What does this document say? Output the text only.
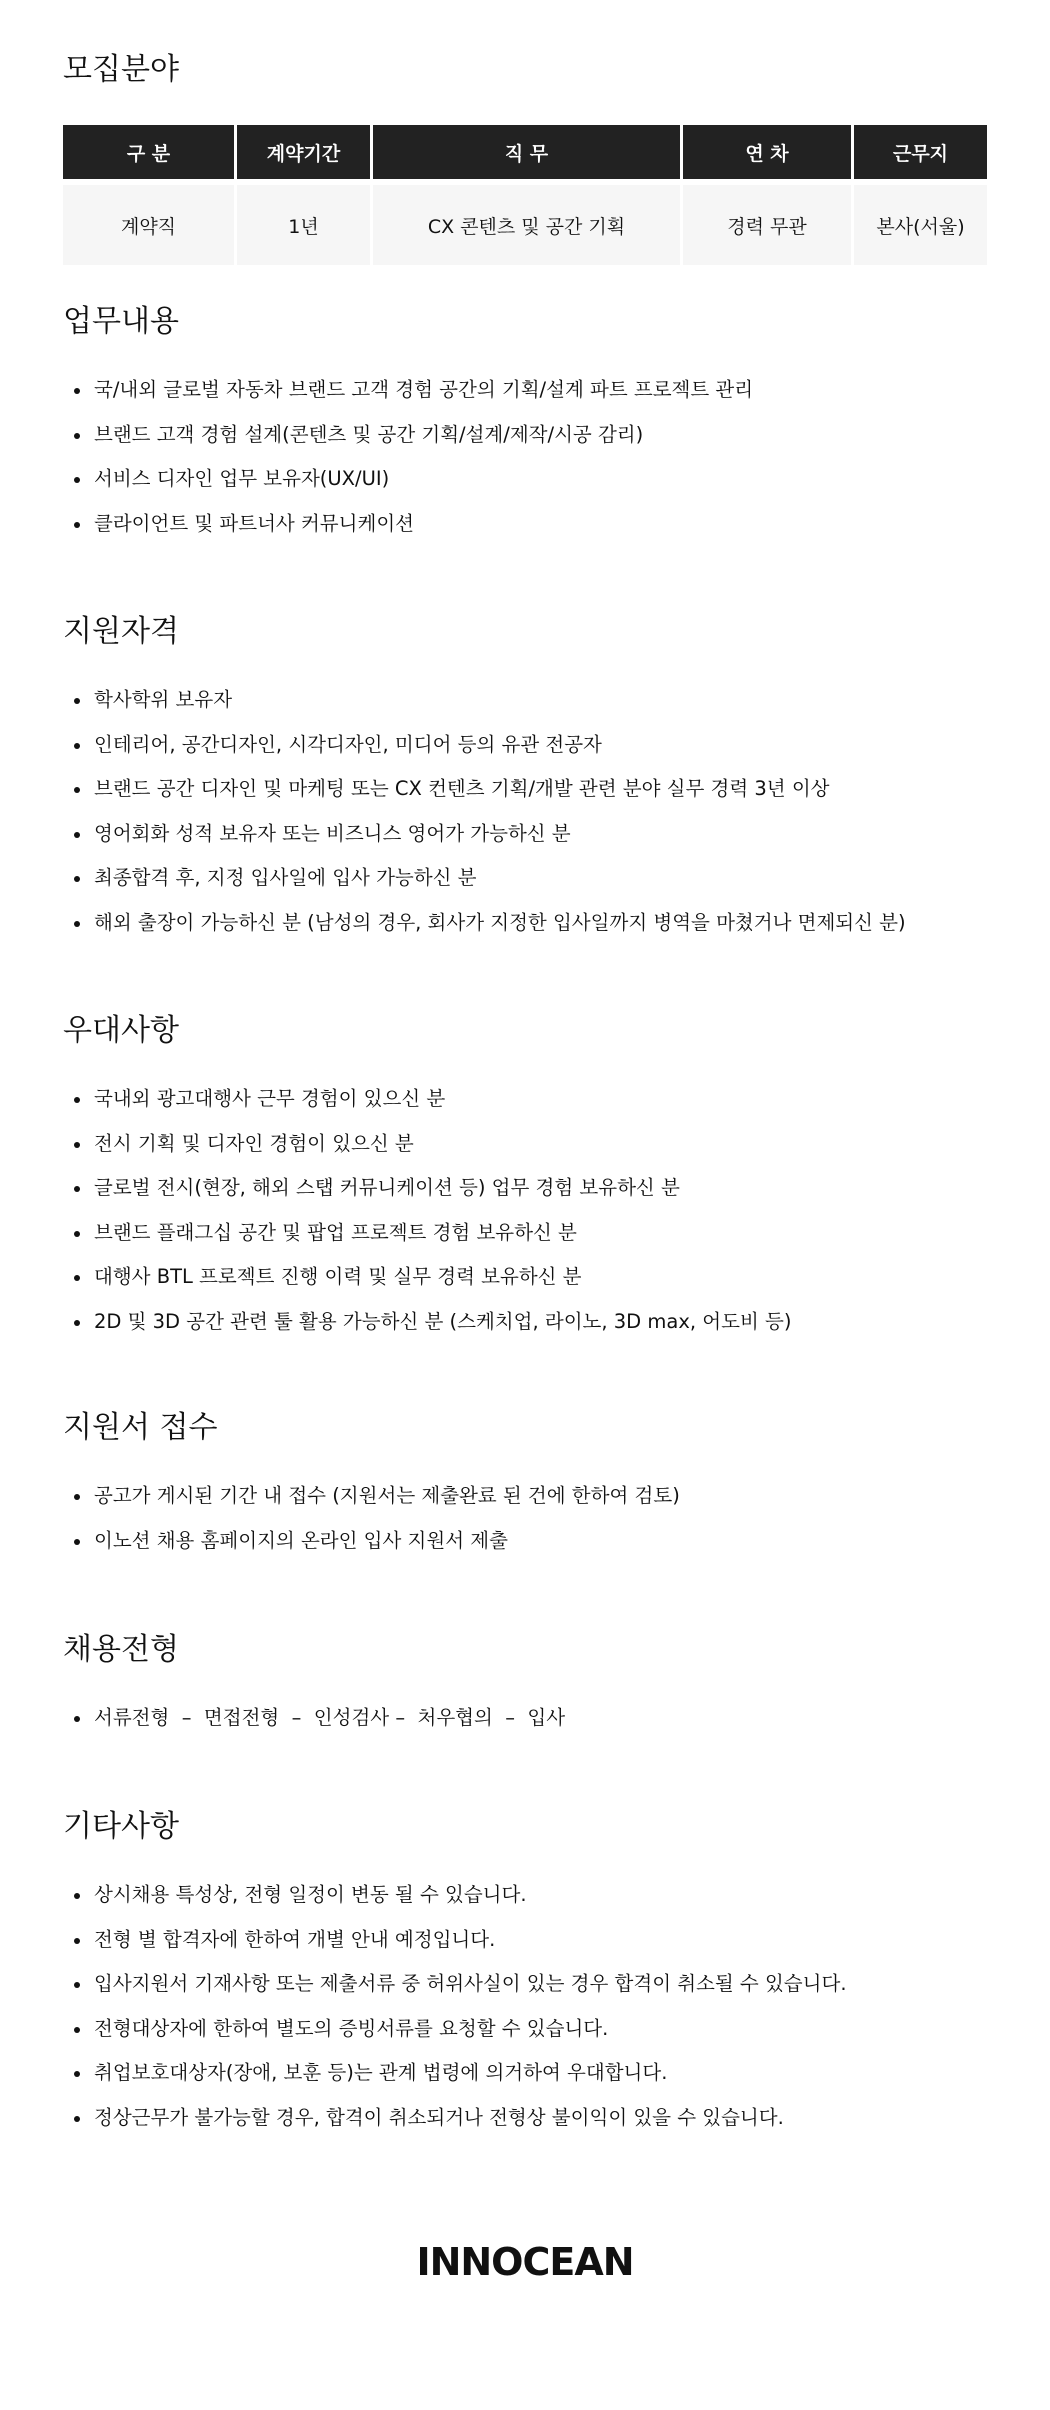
모집분야
구 분	계약기간	직 무	연 차	근무지
계약직	1년	CX 콘텐츠 및 공간 기획	경력 무관	본사(서울)
업무내용
국/내외 글로벌 자동차 브랜드 고객 경험 공간의 기획/설계 파트 프로젝트 관리
브랜드 고객 경험 설계(콘텐츠 및 공간 기획/설계/제작/시공 감리)
서비스 디자인 업무 보유자(UX/UI)
클라이언트 및 파트너사 커뮤니케이션
지원자격
학사학위 보유자
인테리어, 공간디자인, 시각디자인, 미디어 등의 유관 전공자
브랜드 공간 디자인 및 마케팅 또는 CX 컨텐츠 기획/개발 관련 분야 실무 경력 3년 이상
영어회화 성적 보유자 또는 비즈니스 영어가 가능하신 분
최종합격 후, 지정 입사일에 입사 가능하신 분
해외 출장이 가능하신 분 (남성의 경우, 회사가 지정한 입사일까지 병역을 마쳤거나 면제되신 분)
우대사항
국내외 광고대행사 근무 경험이 있으신 분
전시 기획 및 디자인 경험이 있으신 분
글로벌 전시(현장, 해외 스탭 커뮤니케이션 등) 업무 경험 보유하신 분
브랜드 플래그십 공간 및 팝업 프로젝트 경험 보유하신 분
대행사 BTL 프로젝트 진행 이력 및 실무 경력 보유하신 분
2D 및 3D 공간 관련 툴 활용 가능하신 분 (스케치업, 라이노, 3D max, 어도비 등)
지원서 접수
공고가 게시된 기간 내 접수 (지원서는 제출완료 된 건에 한하여 검토)
이노션 채용 홈페이지의 온라인 입사 지원서 제출
채용전형
서류전형  –  면접전형  –  인성검사 –  처우협의  –  입사
기타사항
상시채용 특성상, 전형 일정이 변동 될 수 있습니다.
전형 별 합격자에 한하여 개별 안내 예정입니다.
입사지원서 기재사항 또는 제출서류 중 허위사실이 있는 경우 합격이 취소될 수 있습니다.
전형대상자에 한하여 별도의 증빙서류를 요청할 수 있습니다.
취업보호대상자(장애, 보훈 등)는 관계 법령에 의거하여 우대합니다.
정상근무가 불가능할 경우, 합격이 취소되거나 전형상 불이익이 있을 수 있습니다.
INNOCEAN
